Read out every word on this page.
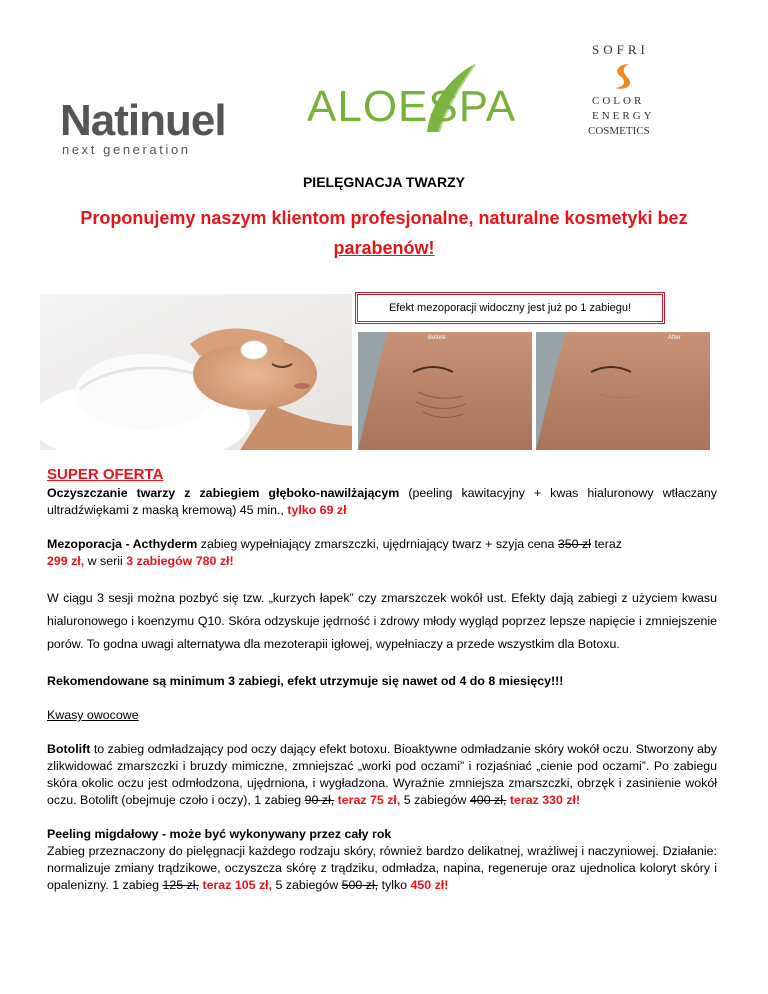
Natinuel
next generation
ALOESPA
SOFRI
COLOR
ENERGY
COSMETICS
PIELĘGNACJA TWARZY
Proponujemy naszym klientom profesjonalne, naturalne kosmetyki bez
parabenów!
Before	After
Efekt mezoporacji widoczny jest już po 1 zabiegu!

SUPER OFERTA

Oczyszczanie twarzy z zabiegiem głęboko-nawilżającym (peeling kawitacyjny + kwas hialuronowy wtłaczany ultradźwiękami z maską kremową) 45 min., tylko 69 zł

Mezoporacja - Acthyderm zabieg wypełniający zmarszczki, ujędrniający twarz + szyja cena 350 zł teraz
299 zł, w serii 3 zabiegów 780 zł!

W ciągu 3 sesji można pozbyć się tzw. „kurzych łapek” czy zmarszczek wokół ust. Efekty dają zabiegi z użyciem kwasu hialuronowego i koenzymu Q10. Skóra odzyskuje jędrność i zdrowy młody wygląd poprzez lepsze napięcie i zmniejszenie porów. To godna uwagi alternatywa dla mezoterapii igłowej, wypełniaczy a przede wszystkim dla Botoxu.

Rekomendowane są minimum 3 zabiegi, efekt utrzymuje się nawet od 4 do 8 miesięcy!!!

Kwasy owocowe

Botolift to zabieg odmładzający pod oczy dający efekt botoxu. Bioaktywne odmładzanie skóry wokół oczu. Stworzony aby zlikwidować zmarszczki i bruzdy mimiczne, zmniejszać „worki pod oczami” i rozjaśniać „cienie pod oczami”. Po zabiegu skóra okolic oczu jest odmłodzona, ujędrniona, i wygładzona. Wyraźnie zmniejsza zmarszczki, obrzęk i zasinienie wokół oczu. Botolift (obejmuje czoło i oczy), 1 zabieg 90 zł, teraz 75 zł, 5 zabiegów 400 zł, teraz 330 zł!

Peeling migdałowy - może być wykonywany przez cały rok

Zabieg przeznaczony do pielęgnacji każdego rodzaju skóry, również bardzo delikatnej, wrażliwej i naczyniowej. Działanie: normalizuje zmiany trądzikowe, oczyszcza skórę z trądziku, odmładza, napina, regeneruje oraz ujednolica koloryt skóry i opalenizny. 1 zabieg 125 zł, teraz 105 zł, 5 zabiegów 500 zł, tylko 450 zł!
